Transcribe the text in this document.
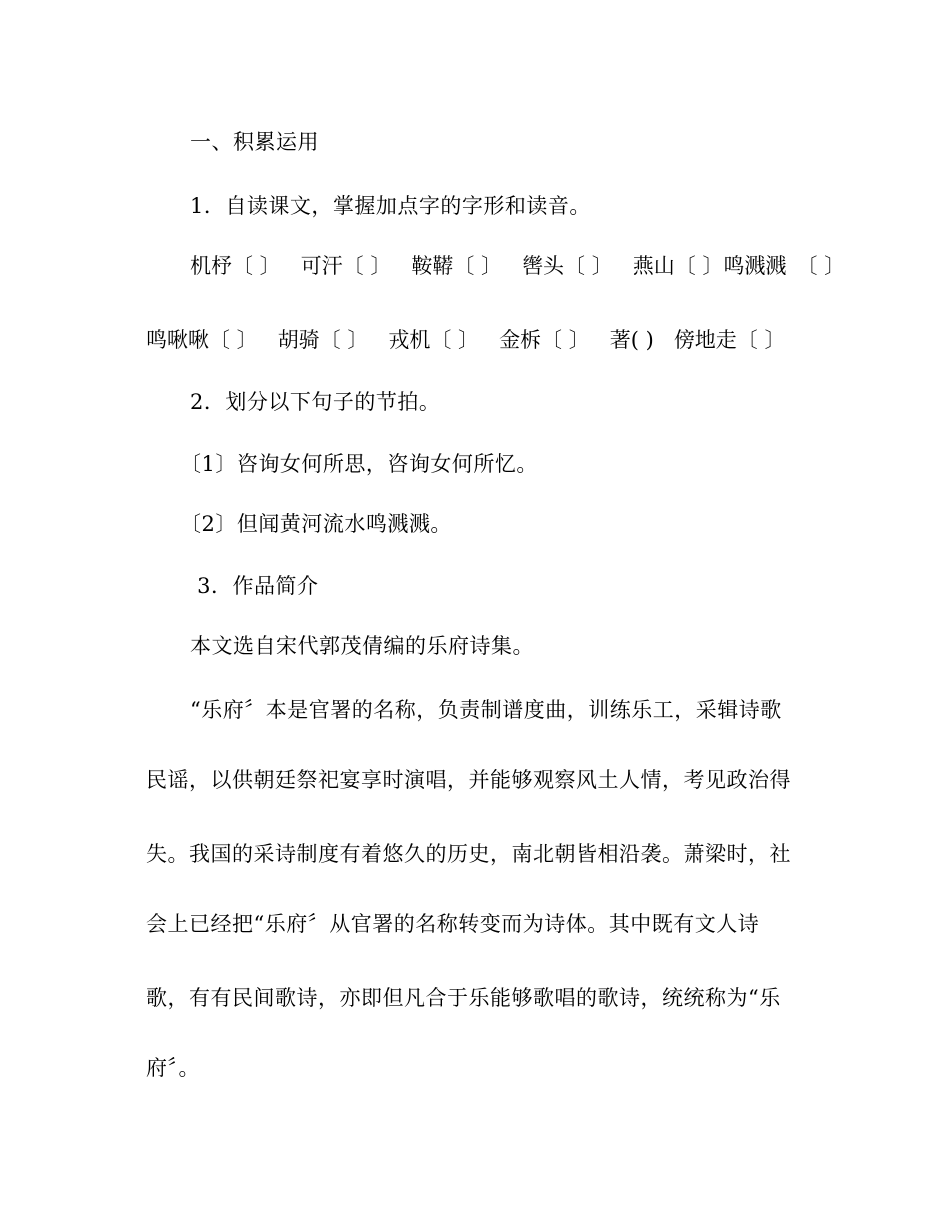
一、积累运用
1．自读课文，掌握加点字的字形和读音。
机杼〔 〕 可汗〔 〕 鞍鞯〔 〕 辔头〔 〕 燕山〔 〕鸣溅溅 〔 〕
鸣啾啾〔 〕 胡骑〔 〕 戎机〔 〕 金柝〔 〕 著( ) 傍地走〔 〕
2．划分以下句子的节拍。
〔1〕咨询女何所思，咨询女何所忆。
〔2〕但闻黄河流水鸣溅溅。
3．作品简介
本文选自宋代郭茂倩编的乐府诗集。
“乐府〞本是官署的名称，负责制谱度曲，训练乐工，采辑诗歌
民谣，以供朝廷祭祀宴享时演唱，并能够观察风土人情，考见政治得
失。我国的采诗制度有着悠久的历史，南北朝皆相沿袭。萧梁时，社
会上已经把“乐府〞从官署的名称转变而为诗体。其中既有文人诗
歌，有有民间歌诗，亦即但凡合于乐能够歌唱的歌诗，统统称为“乐
府〞。
